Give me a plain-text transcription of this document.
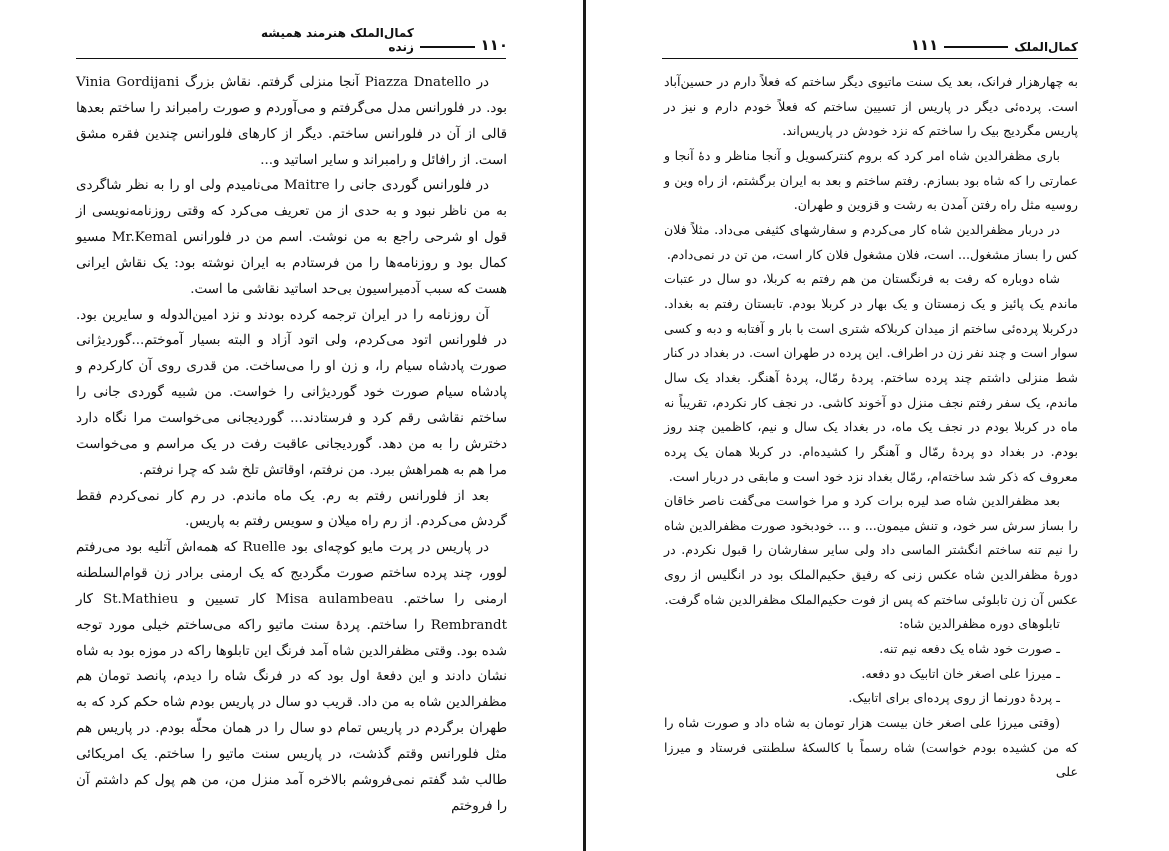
۱۱۰
کمال‌الملک هنرمند همیشه زنده

در Piazza Dnatello آنجا منزلی گرفتم. نقاش بزرگ Vinia Gordijani بود. در فلورانس مدل می‌گرفتم و می‌آوردم و صورت رامبراند را ساختم بعدها قالی از آن در فلورانس ساختم. دیگر از کارهای فلورانس چندین فقره مشق است. از رافائل و رامبراند و سایر اساتید و...

در فلورانس گوردی جانی را Maitre می‌نامیدم ولی او را به نظر شاگردی به من ناظر نبود و به حدی از من تعریف می‌کرد که وقتی روزنامه‌نویسی از قول او شرحی راجع به من نوشت. اسم من در فلورانس Mr.Kemal مسیو کمال بود و روزنامه‌ها را من فرستادم به ایران نوشته بود: یک نقاش ایرانی هست که سبب آدمیراسیون بی‌حد اساتید نقاشی ما است.

آن روزنامه را در ایران ترجمه کرده بودند و نزد امین‌الدوله و سایرین بود. در فلورانس اتود می‌کردم، ولی اتود آزاد و البته بسیار آموختم...گوردیژانی صورت پادشاه سیام را، و زن او را می‌ساخت. من قدری روی آن کارکردم و پادشاه سیام صورت خود گوردیژانی را خواست. من شبیه گوردی جانی را ساختم نقاشی رقم کرد و فرستادند... گوردیجانی می‌خواست مرا نگاه دارد دخترش را به من دهد. گوردیجانی عاقبت رفت در یک مراسم و می‌خواست مرا هم به همراهش ببرد. من نرفتم، اوقاتش تلخ شد که چرا نرفتم.

بعد از فلورانس رفتم به رم. یک ماه ماندم. در رم کار نمی‌کردم فقط گردش می‌کردم. از رم راه میلان و سویس رفتم به پاریس.

در پاریس در پرت مایو کوچه‌ای بود Ruelle که همه‌اش آتلیه بود می‌رفتم لوور، چند پرده ساختم صورت مگردیج که یک ارمنی برادر زن قوام‌السلطنه ارمنی را ساختم. Misa aulambeau کار تسیین و St.Mathieu کار Rembrandt را ساختم. پردهٔ سنت ماتیو راکه می‌ساختم خیلی مورد توجه شده بود. وقتی مظفرالدین شاه آمد فرنگ این تابلوها راکه در موزه بود به شاه نشان دادند و این دفعهٔ اول بود که در فرنگ شاه را دیدم، پانصد تومان هم مظفرالدین شاه به من داد. قریب دو سال در پاریس بودم شاه حکم کرد که به طهران برگردم در پاریس تمام دو سال را در همان محلّه بودم. در پاریس هم مثل فلورانس وقتم گذشت، در پاریس سنت ماتیو را ساختم. یک امریکائی طالب شد گفتم نمی‌فروشم بالاخره آمد منزل من، من هم پول کم داشتم آن را فروختم

کمال‌الملک
۱۱۱

به چهارهزار فرانک، بعد یک سنت ماتیوی دیگر ساختم که فعلاً دارم در حسین‌آباد است. پرده‌ئی دیگر در پاریس از تسیین ساختم که فعلاً خودم دارم و نیز در پاریس مگردیج بیک را ساختم که نزد خودش در پاریس‌اند.

باری مظفرالدین شاه امر کرد که بروم کنترکسویل و آنجا مناظر و دهٔ آنجا و عمارتی را که شاه بود بسازم. رفتم ساختم و بعد به ایران برگشتم، از راه وین و روسیه مثل راه رفتن آمدن به رشت و قزوین و طهران.

در دربار مظفرالدین شاه کار می‌کردم و سفارشهای کثیفی می‌داد. مثلاً فلان کس را بساز مشغول... است، فلان مشغول فلان کار است، من تن در نمی‌دادم.

شاه دوباره که رفت به فرنگستان من هم رفتم به کربلا، دو سال در عتبات ماندم یک پائیز و یک زمستان و یک بهار در کربلا بودم. تابستان رفتم به بغداد. درکربلا پرده‌ئی ساختم از میدان کربلاکه شتری است با بار و آفتابه و دبه و کسی سوار است و چند نفر زن در اطراف. این پرده در طهران است. در بغداد در کنار شط منزلی داشتم چند پرده ساختم. پردهٔ رمّال، پردهٔ آهنگر. بغداد یک سال ماندم، یک سفر رفتم نجف منزل دو آخوند کاشی. در نجف کار نکردم، تقریباً نه ماه در کربلا بودم در نجف یک ماه، در بغداد یک سال و نیم، کاظمین چند روز بودم. در بغداد دو پردهٔ رمّال و آهنگر را کشیده‌ام. در کربلا همان یک پرده معروف که ذکر شد ساخته‌ام، رمّال بغداد نزد خود است و مابقی در دربار است.

بعد مظفرالدین شاه صد لیره برات کرد و مرا خواست می‌گفت ناصر خاقان را بساز سرش سر خود، و تنش میمون... و ... خودبخود صورت مظفرالدین شاه را نیم تنه ساختم انگشتر الماسی داد ولی سایر سفارشان را قبول نکردم. در دورهٔ مظفرالدین شاه عکس زنی که رفیق حکیم‌الملک بود در انگلیس از روی عکس آن زن تابلوئی ساختم که پس از فوت حکیم‌الملک مظفرالدین شاه گرفت.

تابلوهای دوره مظفرالدین شاه:

ـ صورت خود شاه یک دفعه نیم تنه.

ـ میرزا علی اصغر خان اتابیک دو دفعه.

ـ پردهٔ دورنما از روی پرده‌ای برای اتابیک.

(وقتی میرزا علی اصغر خان بیست هزار تومان به شاه داد و صورت شاه را که من کشیده بودم خواست) شاه رسماً با کالسکهٔ سلطنتی فرستاد و میرزا علی
